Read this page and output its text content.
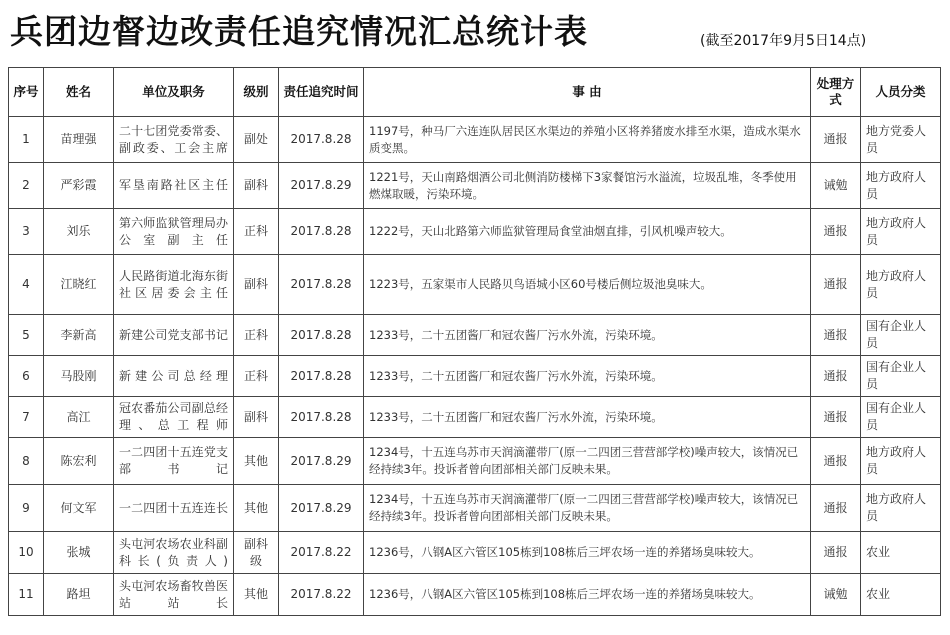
兵团边督边改责任追究情况汇总统计表	(截至2017年9月5日14点)
序号	姓名	单位及职务	级别	责任追究时间	事 由	处理方式	人员分类
1	苗理强	二十七团党委常委、副政委、工会主席	副处	2017.8.28	1197号，种马厂六连连队居民区水渠边的养殖小区将养猪废水排至水渠，造成水渠水质变黑。	通报	地方党委人员
2	严彩霞	军垦南路社区主任	副科	2017.8.29	1221号，天山南路烟酒公司北侧消防楼梯下3家餐馆污水溢流，垃圾乱堆，冬季使用燃煤取暖，污染环境。	诫勉	地方政府人员
3	刘乐	第六师监狱管理局办公室副主任	正科	2017.8.28	1222号，天山北路第六师监狱管理局食堂油烟直排，引风机噪声较大。	通报	地方政府人员
4	江晓红	人民路街道北海东街社区居委会主任	副科	2017.8.28	1223号，五家渠市人民路贝鸟语城小区60号楼后侧垃圾池臭味大。	通报	地方政府人员
5	李新高	新建公司党支部书记	正科	2017.8.28	1233号，二十五团酱厂和冠农酱厂污水外流，污染环境。	通报	国有企业人员
6	马股刚	新建公司总经理	正科	2017.8.28	1233号，二十五团酱厂和冠农酱厂污水外流，污染环境。	通报	国有企业人员
7	高江	冠农番茄公司副总经理、总工程师	副科	2017.8.28	1233号，二十五团酱厂和冠农酱厂污水外流，污染环境。	通报	国有企业人员
8	陈宏利	一二四团十五连党支部书记	其他	2017.8.29	1234号，十五连乌苏市天润滴灌带厂(原一二四团三营营部学校)噪声较大，该情况已经持续3年。投诉者曾向团部相关部门反映未果。	通报	地方政府人员
9	何文军	一二四团十五连连长	其他	2017.8.29	1234号，十五连乌苏市天润滴灌带厂(原一二四团三营营部学校)噪声较大，该情况已经持续3年。投诉者曾向团部相关部门反映未果。	通报	地方政府人员
10	张城	头屯河农场农业科副科长(负责人)	副科级	2017.8.22	1236号，八钢A区六管区105栋到108栋后三坪农场一连的养猪场臭味较大。	通报	农业
11	路坦	头屯河农场畜牧兽医站站长	其他	2017.8.22	1236号，八钢A区六管区105栋到108栋后三坪农场一连的养猪场臭味较大。	诫勉	农业
